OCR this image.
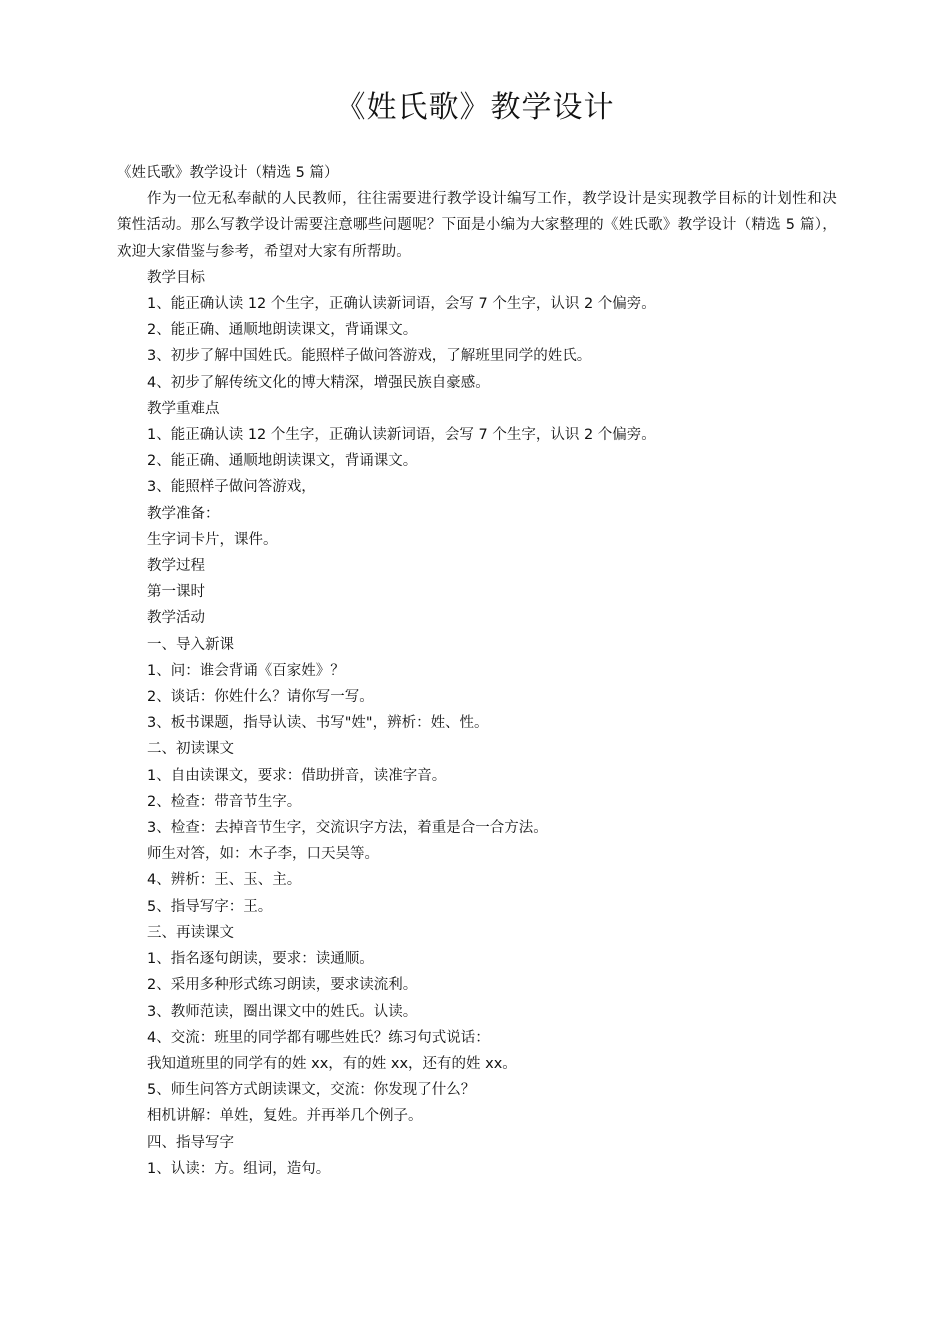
《姓氏歌》教学设计

《姓氏歌》教学设计（精选 5 篇）

作为一位无私奉献的人民教师，往往需要进行教学设计编写工作，教学设计是实现教学目标的计划性和决策性活动。那么写教学设计需要注意哪些问题呢？下面是小编为大家整理的《姓氏歌》教学设计（精选 5 篇），欢迎大家借鉴与参考，希望对大家有所帮助。

教学目标

1、能正确认读 12 个生字，正确认读新词语，会写 7 个生字，认识 2 个偏旁。

2、能正确、通顺地朗读课文，背诵课文。

3、初步了解中国姓氏。能照样子做问答游戏，了解班里同学的姓氏。

4、初步了解传统文化的博大精深，增强民族自豪感。

教学重难点

1、能正确认读 12 个生字，正确认读新词语，会写 7 个生字，认识 2 个偏旁。

2、能正确、通顺地朗读课文，背诵课文。

3、能照样子做问答游戏，

教学准备：

生字词卡片，课件。

教学过程

第一课时

教学活动

一、导入新课

1、问：谁会背诵《百家姓》？

2、谈话：你姓什么？请你写一写。

3、板书课题，指导认读、书写"姓"，辨析：姓、性。

二、初读课文

1、自由读课文，要求：借助拼音，读准字音。

2、检查：带音节生字。

3、检查：去掉音节生字，交流识字方法，着重是合一合方法。

师生对答，如：木子李，口天吴等。

4、辨析：王、玉、主。

5、指导写字：王。

三、再读课文

1、指名逐句朗读，要求：读通顺。

2、采用多种形式练习朗读，要求读流利。

3、教师范读，圈出课文中的姓氏。认读。

4、交流：班里的同学都有哪些姓氏？练习句式说话：

我知道班里的同学有的姓 xx，有的姓 xx，还有的姓 xx。

5、师生问答方式朗读课文，交流：你发现了什么？

相机讲解：单姓，复姓。并再举几个例子。

四、指导写字

1、认读：方。组词，造句。
